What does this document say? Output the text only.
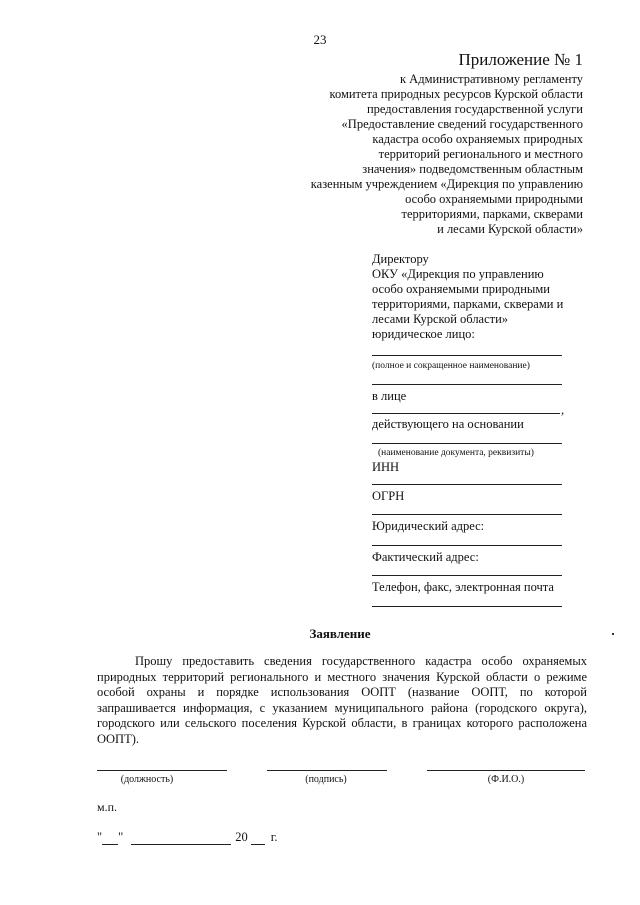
23
Приложение № 1
к Административному регламенту
комитета природных ресурсов Курской области
предоставления государственной услуги
«Предоставление сведений государственного
кадастра особо охраняемых природных
территорий регионального и местного
значения» подведомственным областным
казенным учреждением «Дирекция по управлению
особо охраняемыми природными
территориями, парками, скверами
и лесами Курской области»
Директору
ОКУ «Дирекция по управлению
особо охраняемыми природными
территориями, парками, скверами и
лесами Курской области»
юридическое лицо:
(полное и сокращенное наименование)
в лице
,
действующего на основании
(наименование документа, реквизиты)
ИНН
ОГРН
Юридический адрес:
Фактический адрес:
Телефон, факс, электронная почта
Заявление
Прошу предоставить сведения государственного кадастра особо охраняемых природных территорий регионального и местного значения Курской области о режиме особой охраны и порядке использования ООПТ (название ООПТ, по которой запрашивается информация, с указанием муниципального района (городского округа), городского или сельского поселения Курской области, в границах которого расположена ООПТ).
(должность)	(подпись)	(Ф.И.О.)
м.п.
" "	20 г.
